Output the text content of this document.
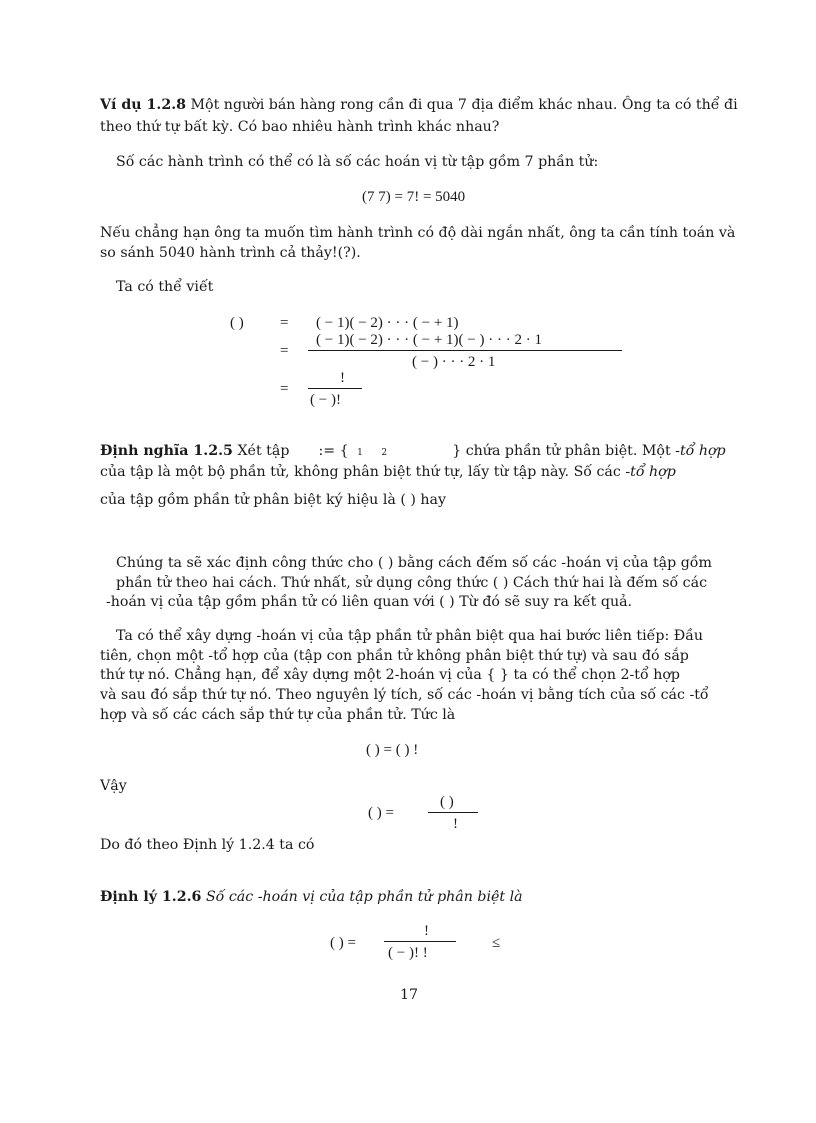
Ví dụ 1.2.8 Một người bán hàng rong cần đi qua 7 địa điểm khác nhau. Ông ta có thể đi
theo thứ tự bất kỳ. Có bao nhiêu hành trình khác nhau?
Số các hành trình có thể có là số các hoán vị từ tập gồm 7 phần tử:
(7 7) = 7! = 5040
Nếu chẳng hạn ông ta muốn tìm hành trình có độ dài ngắn nhất, ông ta cần tính toán và
so sánh 5040 hành trình cả thảy!(?).
Ta có thể viết
( ) = ( − 1)( − 2) · · · ( − + 1)
=
( − 1)( − 2) · · · ( − + 1)( − ) · · · 2 · 1
( − ) · · · 2 · 1
=
!
( − )!
Định nghĩa 1.2.5 Xét tập := { 1 2	} chứa phần tử phân biệt. Một -tổ hợp
của tập là một bộ phần tử, không phân biệt thứ tự, lấy từ tập này. Số các -tổ hợp
của tập gồm phần tử phân biệt ký hiệu là ( ) hay
Chúng ta sẽ xác định công thức cho ( ) bằng cách đếm số các -hoán vị của tập gồm
phần tử theo hai cách. Thứ nhất, sử dụng công thức ( ) Cách thứ hai là đếm số các
-hoán vị của tập gồm phần tử có liên quan với ( ) Từ đó sẽ suy ra kết quả.
Ta có thể xây dựng -hoán vị của tập phần tử phân biệt qua hai bước liên tiếp: Đầu
tiên, chọn một -tổ hợp của (tập con phần tử không phân biệt thứ tự) và sau đó sắp
thứ tự nó. Chẳng hạn, để xây dựng một 2-hoán vị của { } ta có thể chọn 2-tổ hợp
và sau đó sắp thứ tự nó. Theo nguyên lý tích, số các -hoán vị bằng tích của số các -tổ
hợp và số các cách sắp thứ tự của phần tử. Tức là
( ) = ( ) !
Vậy
( ) =
( )
!
Do đó theo Định lý 1.2.4 ta có
Định lý 1.2.6 Số các -hoán vị của tập phần tử phân biệt là
( ) =
!
( − )! !
≤
17
